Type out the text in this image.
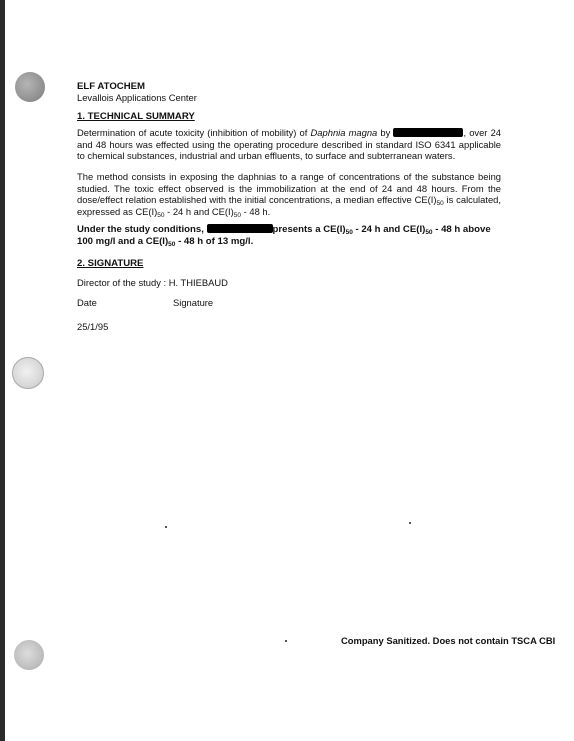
ELF ATOCHEM
Levallois Applications Center
1. TECHNICAL SUMMARY
Determination of acute toxicity (inhibition of mobility) of Daphnia magna by	, over 24 and 48 hours was effected using the operating procedure described in standard ISO 6341 applicable to chemical substances, industrial and urban effluents, to surface and subterranean waters.
The method consists in exposing the daphnias to a range of concentrations of the substance being studied. The toxic effect observed is the immobilization at the end of 24 and 48 hours. From the dose/effect relation established with the initial concentrations, a median effective $CE(I)_{50}$ is calculated, expressed as $CE(I)_{50} - 24$ h and $CE(I)_{50} - 48$ h.
Under the study conditions,	presents a $CE(I)_{50} - 24$ h and $CE(I)_{50} - 48$ h above 100 mg/l and a $CE(I)_{50} - 48$ h of 13 mg/l.
2. SIGNATURE
Director of the study : H. THIEBAUD
Date	Signature
25/1/95
Company Sanitized. Does not contain TSCA CBI
